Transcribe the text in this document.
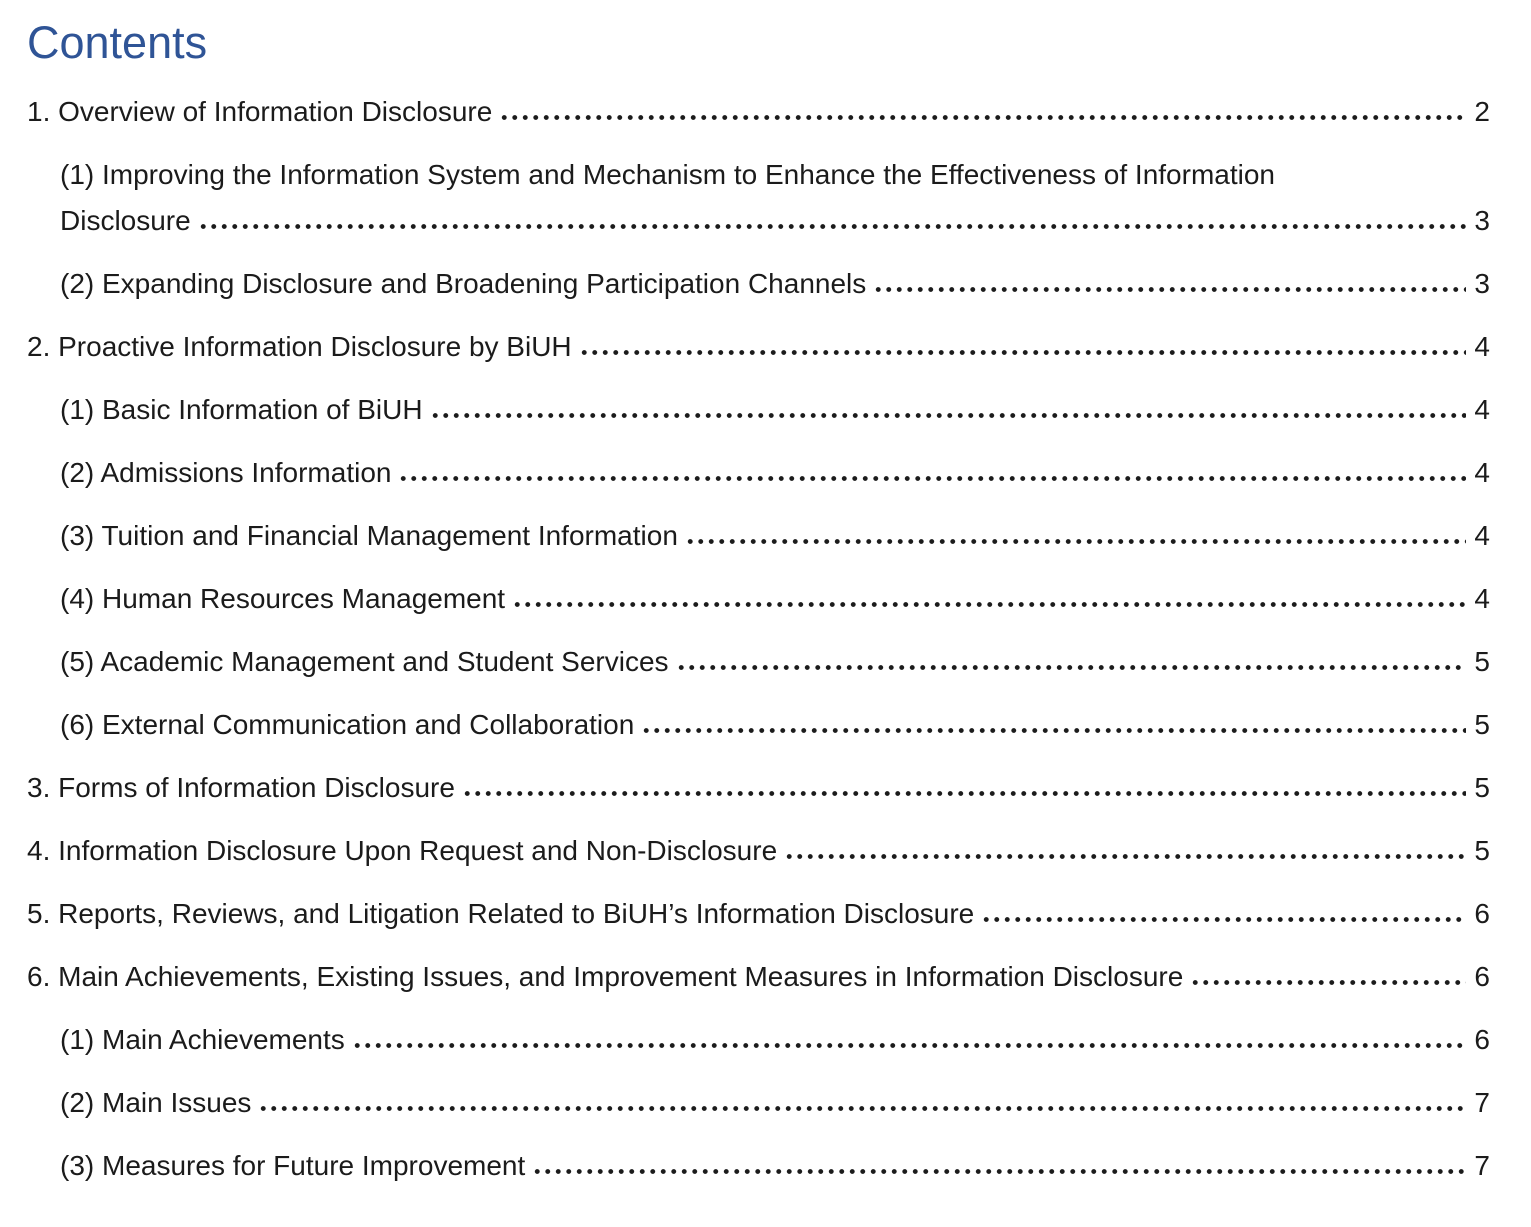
Contents
1. Overview of Information Disclosure	2
(1) Improving the Information System and Mechanism to Enhance the Effectiveness of Information
Disclosure	3
(2) Expanding Disclosure and Broadening Participation Channels	3
2. Proactive Information Disclosure by BiUH	4
(1) Basic Information of BiUH	4
(2) Admissions Information	4
(3) Tuition and Financial Management Information	4
(4) Human Resources Management	4
(5) Academic Management and Student Services	5
(6) External Communication and Collaboration	5
3. Forms of Information Disclosure	5
4. Information Disclosure Upon Request and Non-Disclosure	5
5. Reports, Reviews, and Litigation Related to BiUH’s Information Disclosure	6
6. Main Achievements, Existing Issues, and Improvement Measures in Information Disclosure	6
(1) Main Achievements	6
(2) Main Issues	7
(3) Measures for Future Improvement	7
